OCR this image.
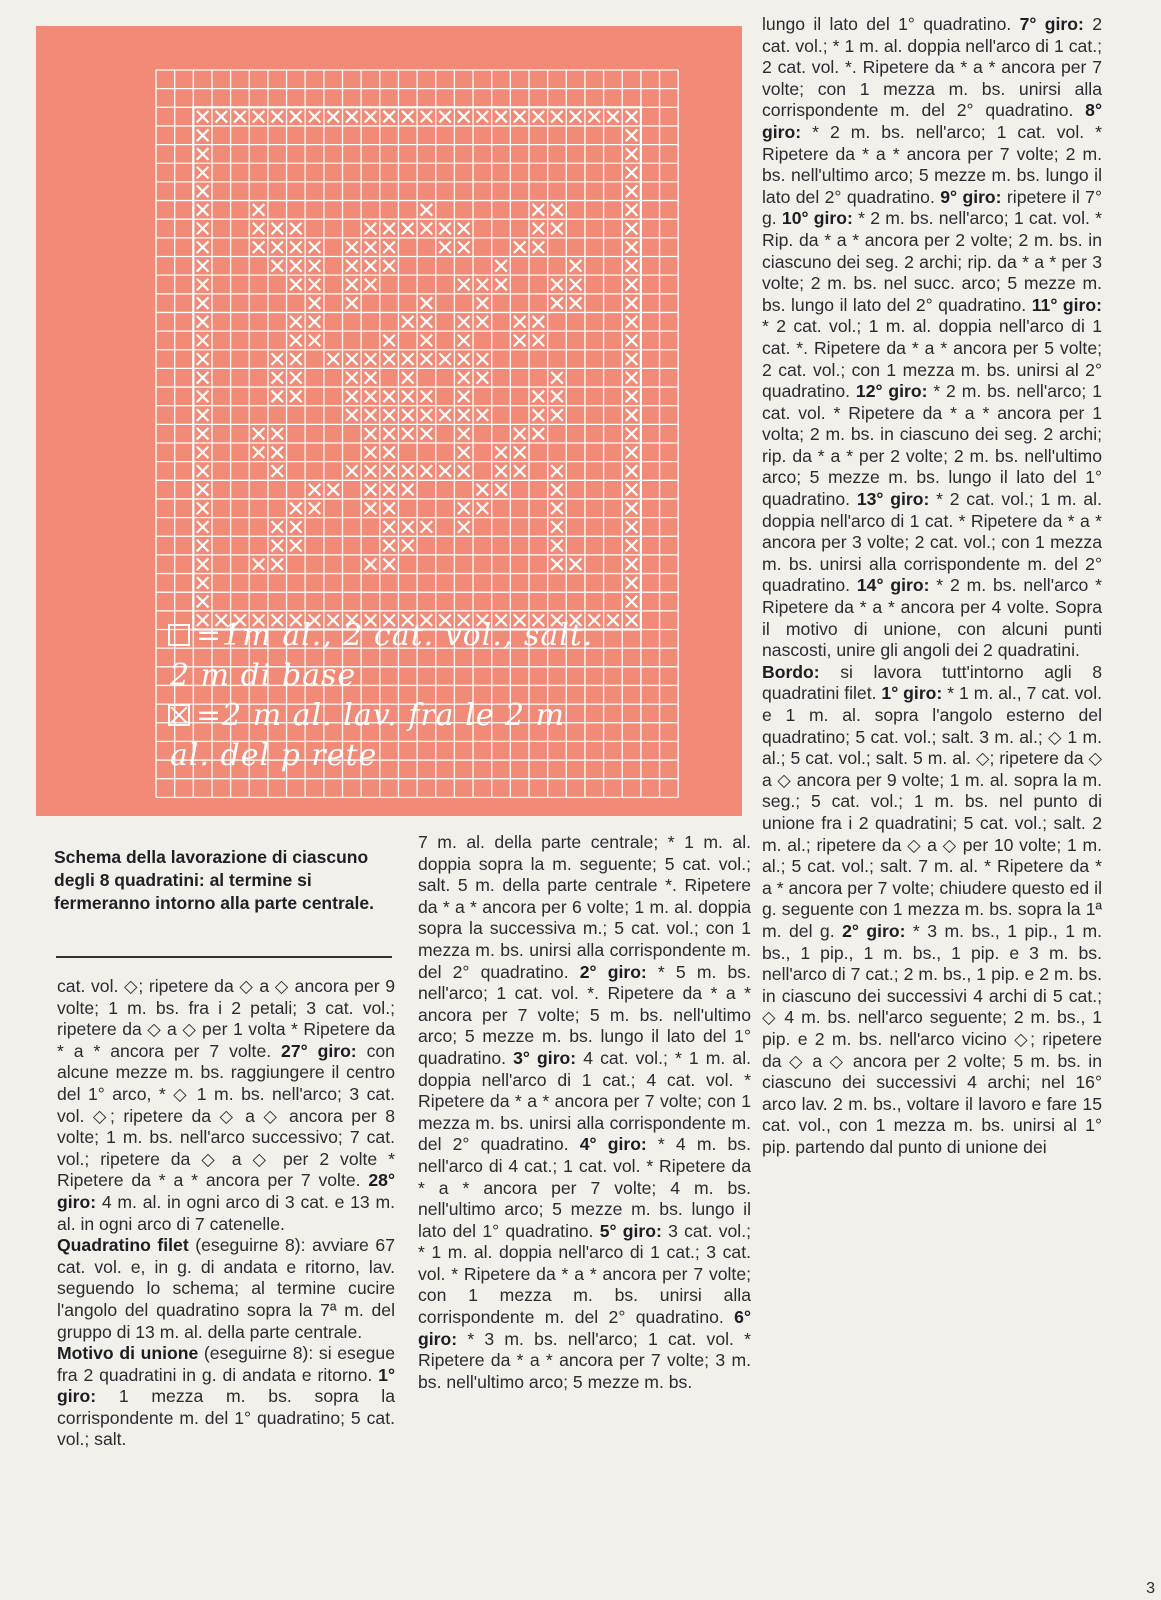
=1m al., 2 cat. vol., salt.
2 m di base
=2 m al. lav. fra le 2 m
al. del p rete
Schema della lavorazione di ciascuno degli 8 quadratini: al termine si fermeranno intorno alla parte centrale.

cat. vol. ◇; ripetere da ◇ a ◇ ancora per 9 volte; 1 m. bs. fra i 2 petali; 3 cat. vol.; ripetere da ◇ a ◇ per 1 volta * Ripetere da * a * ancora per 7 volte. 27° giro: con alcune mezze m. bs. raggiungere il centro del 1° arco, * ◇ 1 m. bs. nell'arco; 3 cat. vol. ◇; ripetere da ◇ a ◇ ancora per 8 volte; 1 m. bs. nell'arco successivo; 7 cat. vol.; ripetere da ◇ a ◇ per 2 volte * Ripetere da * a * ancora per 7 volte. 28° giro: 4 m. al. in ogni arco di 3 cat. e 13 m. al. in ogni arco di 7 catenelle.

Quadratino filet (eseguirne 8): avviare 67 cat. vol. e, in g. di andata e ritorno, lav. seguendo lo schema; al termine cucire l'angolo del quadratino sopra la 7ª m. del gruppo di 13 m. al. della parte centrale.

Motivo di unione (eseguirne 8): si esegue fra 2 quadratini in g. di andata e ritorno. 1° giro: 1 mezza m. bs. sopra la corrispondente m. del 1° quadratino; 5 cat. vol.; salt.

7 m. al. della parte centrale; * 1 m. al. doppia sopra la m. seguente; 5 cat. vol.; salt. 5 m. della parte centrale *. Ripetere da * a * ancora per 6 volte; 1 m. al. doppia sopra la successiva m.; 5 cat. vol.; con 1 mezza m. bs. unirsi alla corrispondente m. del 2° quadratino. 2° giro: * 5 m. bs. nell'arco; 1 cat. vol. *. Ripetere da * a * ancora per 7 volte; 5 m. bs. nell'ultimo arco; 5 mezze m. bs. lungo il lato del 1° quadratino. 3° giro: 4 cat. vol.; * 1 m. al. doppia nell'arco di 1 cat.; 4 cat. vol. * Ripetere da * a * ancora per 7 volte; con 1 mezza m. bs. unirsi alla corrispondente m. del 2° quadratino. 4° giro: * 4 m. bs. nell'arco di 4 cat.; 1 cat. vol. * Ripetere da * a * ancora per 7 volte; 4 m. bs. nell'ultimo arco; 5 mezze m. bs. lungo il lato del 1° quadratino. 5° giro: 3 cat. vol.; * 1 m. al. doppia nell'arco di 1 cat.; 3 cat. vol. * Ripetere da * a * ancora per 7 volte; con 1 mezza m. bs. unirsi alla corrispondente m. del 2° quadratino. 6° giro: * 3 m. bs. nell'arco; 1 cat. vol. * Ripetere da * a * ancora per 7 volte; 3 m. bs. nell'ultimo arco; 5 mezze m. bs.

lungo il lato del 1° quadratino. 7° giro: 2 cat. vol.; * 1 m. al. doppia nell'arco di 1 cat.; 2 cat. vol. *. Ripetere da * a * ancora per 7 volte; con 1 mezza m. bs. unirsi alla corrispondente m. del 2° quadratino. 8° giro: * 2 m. bs. nell'arco; 1 cat. vol. * Ripetere da * a * ancora per 7 volte; 2 m. bs. nell'ultimo arco; 5 mezze m. bs. lungo il lato del 2° quadratino. 9° giro: ripetere il 7° g. 10° giro: * 2 m. bs. nell'arco; 1 cat. vol. * Rip. da * a * ancora per 2 volte; 2 m. bs. in ciascuno dei seg. 2 archi; rip. da * a * per 3 volte; 2 m. bs. nel succ. arco; 5 mezze m. bs. lungo il lato del 2° quadratino. 11° giro: * 2 cat. vol.; 1 m. al. doppia nell'arco di 1 cat. *. Ripetere da * a * ancora per 5 volte; 2 cat. vol.; con 1 mezza m. bs. unirsi al 2° quadratino. 12° giro: * 2 m. bs. nell'arco; 1 cat. vol. * Ripetere da * a * ancora per 1 volta; 2 m. bs. in ciascuno dei seg. 2 archi; rip. da * a * per 2 volte; 2 m. bs. nell'ultimo arco; 5 mezze m. bs. lungo il lato del 1° quadratino. 13° giro: * 2 cat. vol.; 1 m. al. doppia nell'arco di 1 cat. * Ripetere da * a * ancora per 3 volte; 2 cat. vol.; con 1 mezza m. bs. unirsi alla corrispondente m. del 2° quadratino. 14° giro: * 2 m. bs. nell'arco * Ripetere da * a * ancora per 4 volte. Sopra il motivo di unione, con alcuni punti nascosti, unire gli angoli dei 2 quadratini.

Bordo: si lavora tutt'intorno agli 8 quadratini filet. 1° giro: * 1 m. al., 7 cat. vol. e 1 m. al. sopra l'angolo esterno del quadratino; 5 cat. vol.; salt. 3 m. al.; ◇ 1 m. al.; 5 cat. vol.; salt. 5 m. al. ◇; ripetere da ◇ a ◇ ancora per 9 volte; 1 m. al. sopra la m. seg.; 5 cat. vol.; 1 m. bs. nel punto di unione fra i 2 quadratini; 5 cat. vol.; salt. 2 m. al.; ripetere da ◇ a ◇ per 10 volte; 1 m. al.; 5 cat. vol.; salt. 7 m. al. * Ripetere da * a * ancora per 7 volte; chiudere questo ed il g. seguente con 1 mezza m. bs. sopra la 1ª m. del g. 2° giro: * 3 m. bs., 1 pip., 1 m. bs., 1 pip., 1 m. bs., 1 pip. e 3 m. bs. nell'arco di 7 cat.; 2 m. bs., 1 pip. e 2 m. bs. in ciascuno dei successivi 4 archi di 5 cat.; ◇ 4 m. bs. nell'arco seguente; 2 m. bs., 1 pip. e 2 m. bs. nell'arco vicino ◇; ripetere da ◇ a ◇ ancora per 2 volte; 5 m. bs. in ciascuno dei successivi 4 archi; nel 16° arco lav. 2 m. bs., voltare il lavoro e fare 15 cat. vol., con 1 mezza m. bs. unirsi al 1° pip. partendo dal punto di unione dei

3
